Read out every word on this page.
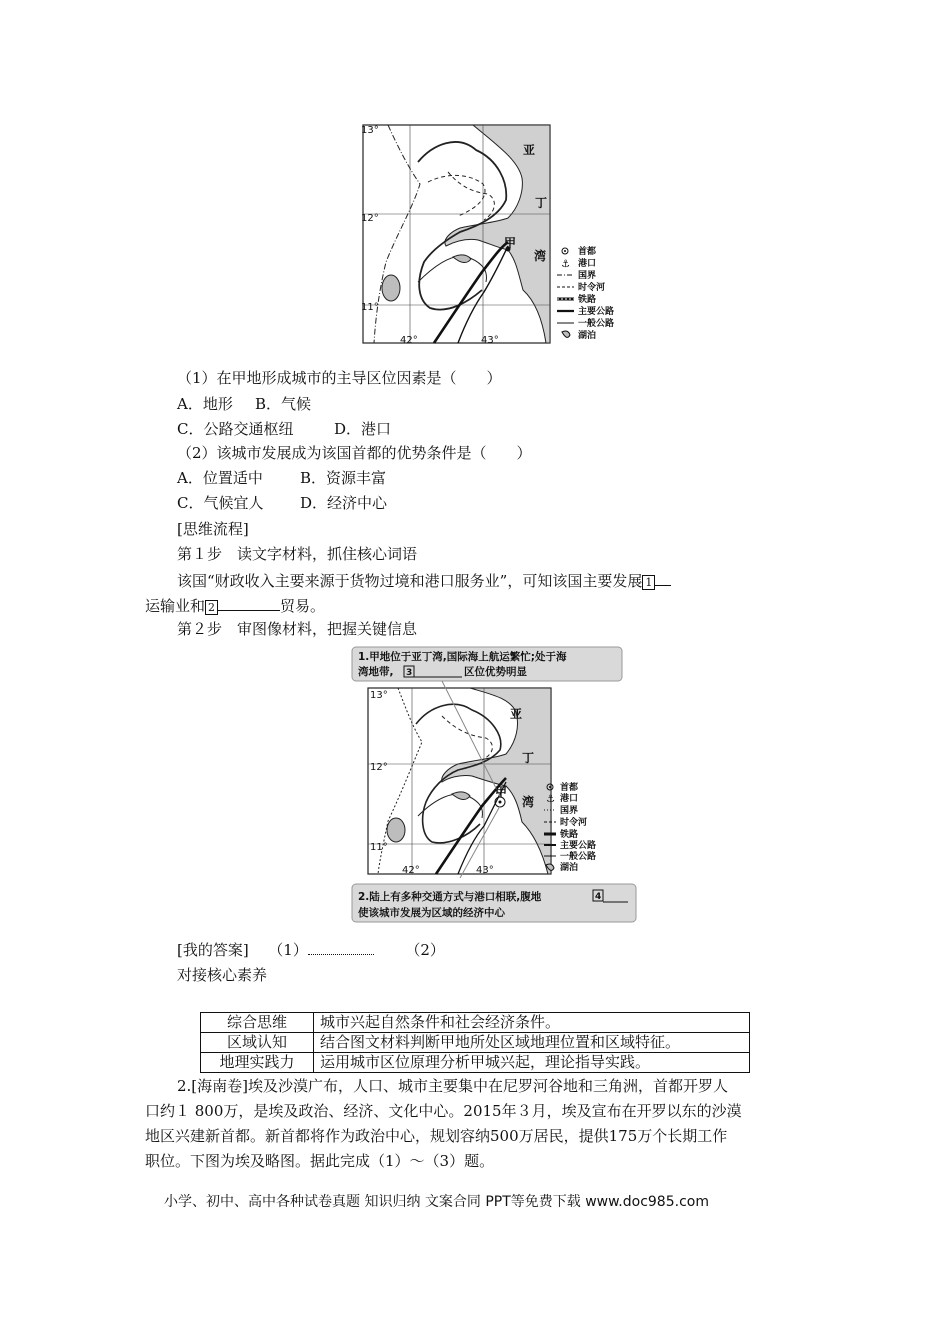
13°
12°
11°
42°	43°
亚
丁
湾
甲
首都
⚓ 港口
国界
时令河
铁路
主要公路
一般公路
湖泊
（1）在甲地形成城市的主导区位因素是（　　）
A．地形 B．气候
C．公路交通枢纽	D．港口
（2）该城市发展成为该国首都的优势条件是（　　）
A．位置适中 B．资源丰富
C．气候宜人 D．经济中心
[思维流程]
第１步　读文字材料，抓住核心词语
该国“财政收入主要来源于货物过境和港口服务业”，可知该国主要发展 1
运输业和 2	贸易。
第２步　审图像材料，把握关键信息
1.甲地位于亚丁湾,国际海上航运繁忙;处于海
湾地带, 3	区位优势明显
13°
12°
11°
42°	43°
亚
丁
湾
甲	首都
⚓ 港口
国界
时令河
铁路
主要公路
一般公路
湖泊
2.陆上有多种交通方式与港口相联,腹地	4
使该城市发展为区域的经济中心
[我的答案] （1）	（2）
对接核心素养
综合思维	城市兴起自然条件和社会经济条件。
区域认知	结合图文材料判断甲地所处区域地理位置和区域特征。
地理实践力	运用城市区位原理分析甲城兴起，理论指导实践。
2.[海南卷]埃及沙漠广布，人口、城市主要集中在尼罗河谷地和三角洲，首都开罗人
口约１ 800万，是埃及政治、经济、文化中心。2015年３月，埃及宣布在开罗以东的沙漠
地区兴建新首都。新首都将作为政治中心，规划容纳500万居民，提供175万个长期工作
职位。下图为埃及略图。据此完成（1）～（3）题。
小学、初中、高中各种试卷真题 知识归纳 文案合同 PPT等免费下载 www.doc985.com
